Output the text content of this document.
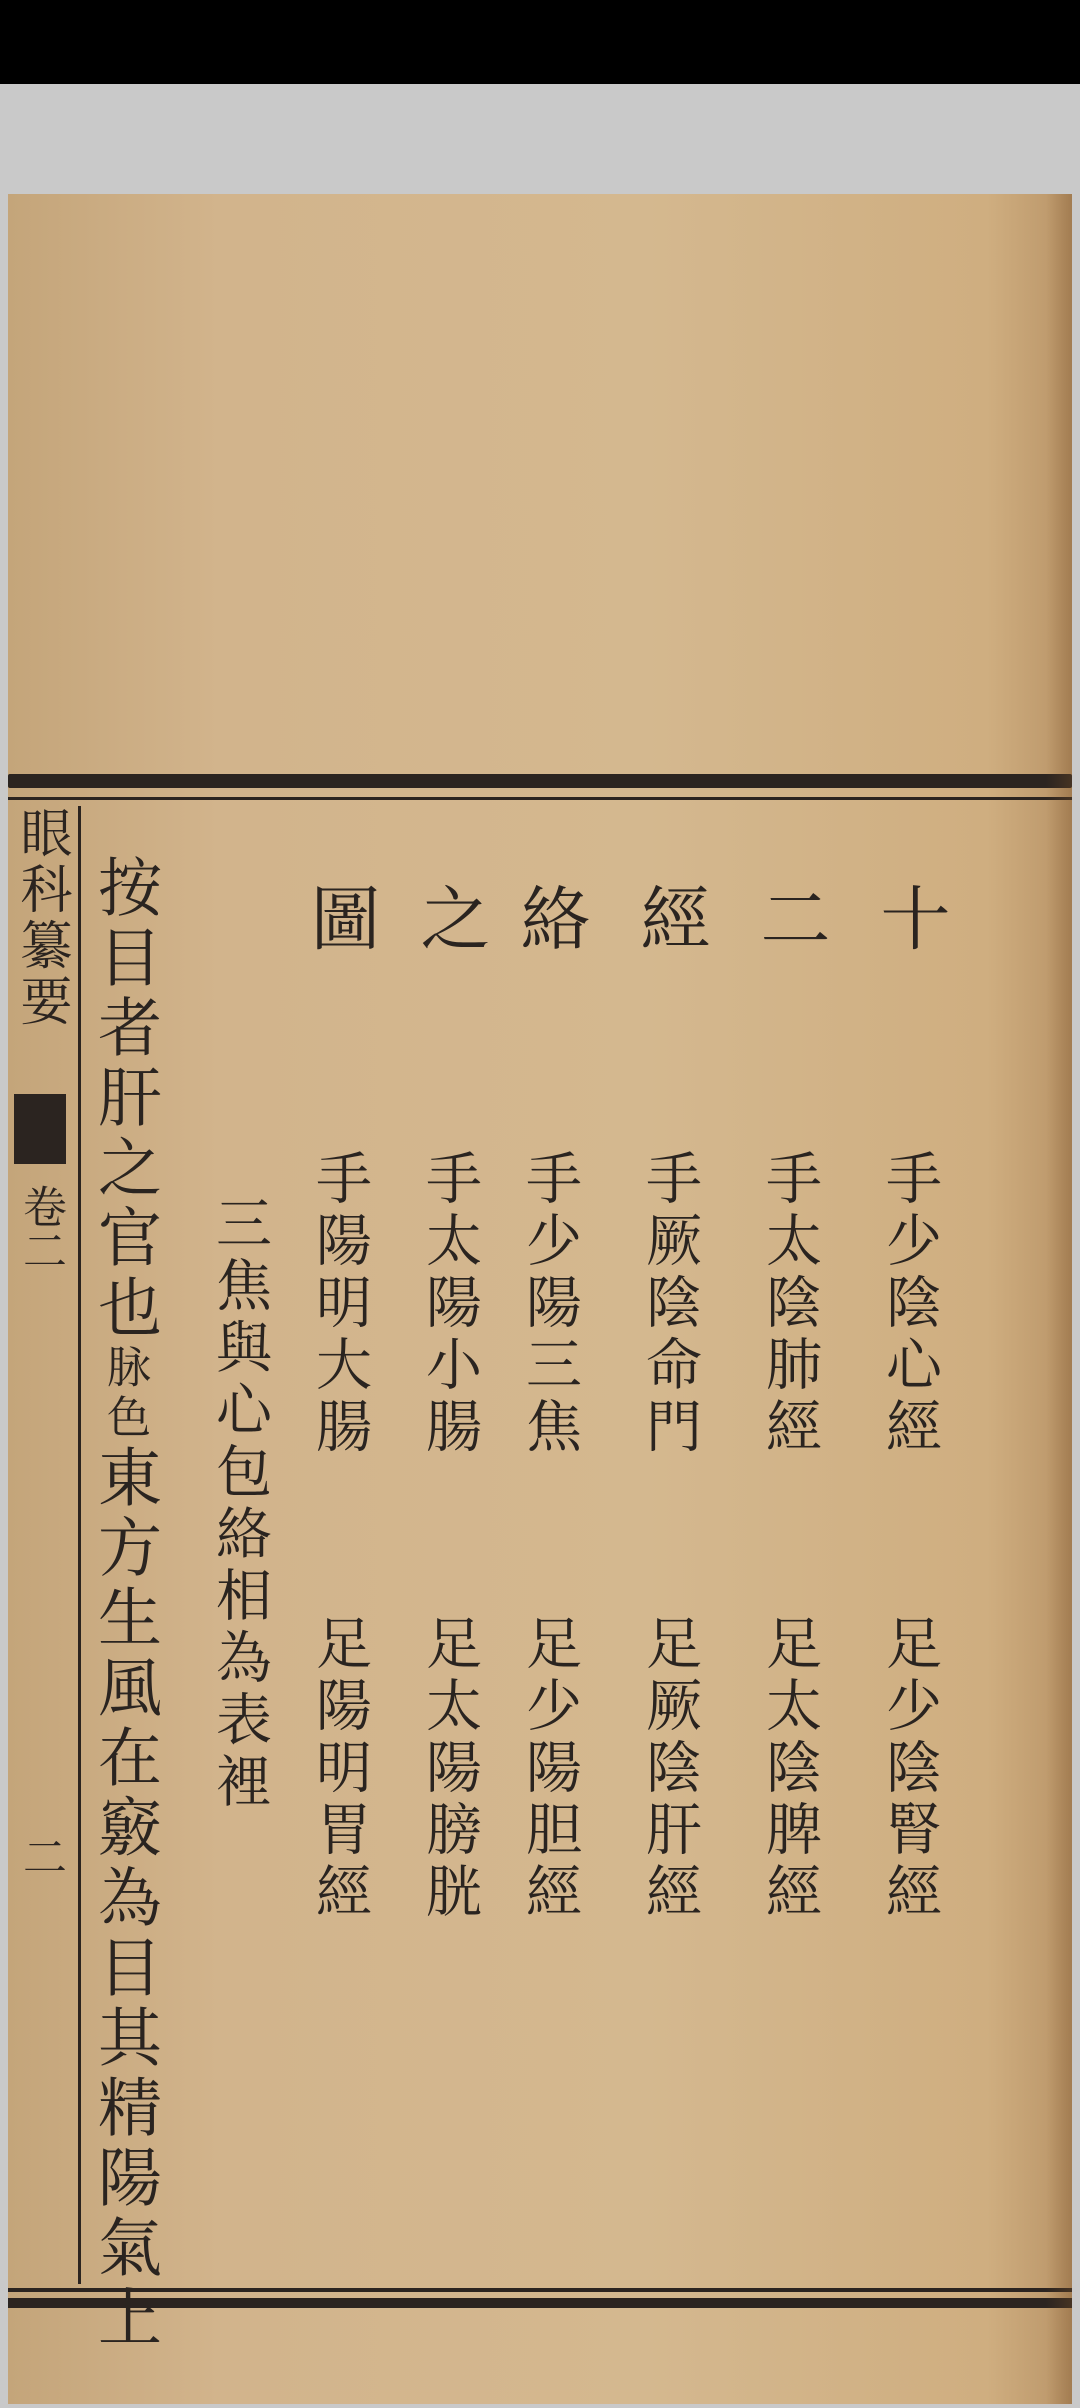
眼科纂要
卷二
二
十
手少陰心經
足少陰腎經
二
手太陰肺經
足太陰脾經
經
手厥陰命門
足厥陰肝經
絡
手少陽三焦
足少陽胆經
之
手太陽小腸
足太陽膀胱
圖
手陽明大腸
足陽明胃經
三焦與心包絡相為表裡
按目者肝之官也脉色東方生風在竅為目其精陽氣上
